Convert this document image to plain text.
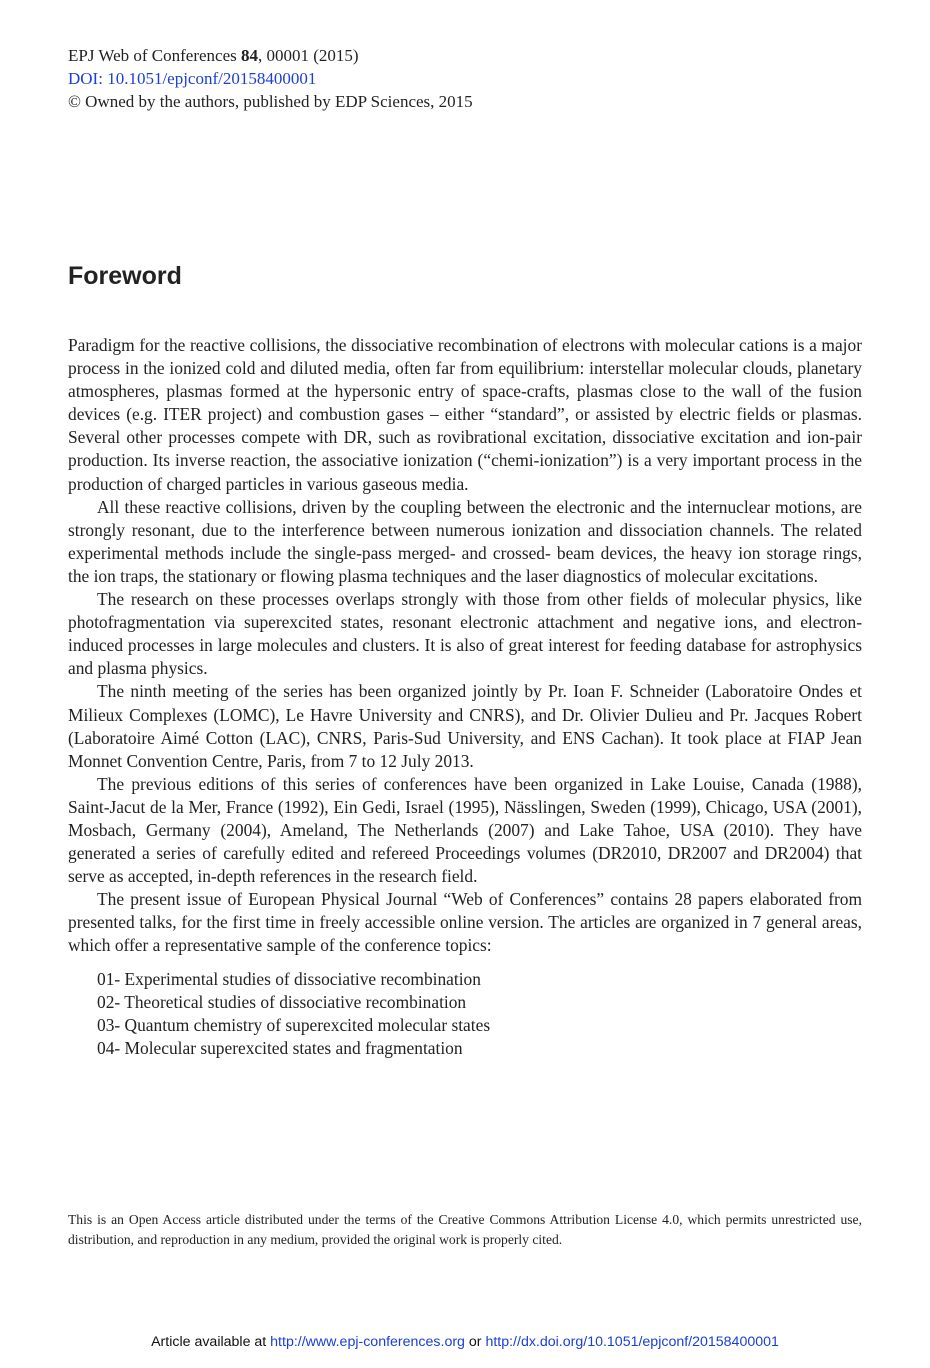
EPJ Web of Conferences 84, 00001 (2015)
DOI: 10.1051/epjconf/20158400001
© Owned by the authors, published by EDP Sciences, 2015
Foreword

Paradigm for the reactive collisions, the dissociative recombination of electrons with molecular cations is a major process in the ionized cold and diluted media, often far from equilibrium: interstellar molecular clouds, planetary atmospheres, plasmas formed at the hypersonic entry of space-crafts, plasmas close to the wall of the fusion devices (e.g. ITER project) and combustion gases – either “standard”, or assisted by electric fields or plasmas. Several other processes compete with DR, such as rovibrational excitation, dissociative excitation and ion-pair production. Its inverse reaction, the associative ionization (“chemi-ionization”) is a very important process in the production of charged particles in various gaseous media.

All these reactive collisions, driven by the coupling between the electronic and the internuclear motions, are strongly resonant, due to the interference between numerous ionization and dissociation channels. The related experimental methods include the single-pass merged- and crossed- beam devices, the heavy ion storage rings, the ion traps, the stationary or flowing plasma techniques and the laser diagnostics of molecular excitations.

The research on these processes overlaps strongly with those from other fields of molecular physics, like photofragmentation via superexcited states, resonant electronic attachment and negative ions, and electron-induced processes in large molecules and clusters. It is also of great interest for feeding database for astrophysics and plasma physics.

The ninth meeting of the series has been organized jointly by Pr. Ioan F. Schneider (Laboratoire Ondes et Milieux Complexes (LOMC), Le Havre University and CNRS), and Dr. Olivier Dulieu and Pr. Jacques Robert (Laboratoire Aimé Cotton (LAC), CNRS, Paris-Sud University, and ENS Cachan). It took place at FIAP Jean Monnet Convention Centre, Paris, from 7 to 12 July 2013.

The previous editions of this series of conferences have been organized in Lake Louise, Canada (1988), Saint-Jacut de la Mer, France (1992), Ein Gedi, Israel (1995), Nässlingen, Sweden (1999), Chicago, USA (2001), Mosbach, Germany (2004), Ameland, The Netherlands (2007) and Lake Tahoe, USA (2010). They have generated a series of carefully edited and refereed Proceedings volumes (DR2010, DR2007 and DR2004) that serve as accepted, in-depth references in the research field.

The present issue of European Physical Journal “Web of Conferences” contains 28 papers elaborated from presented talks, for the first time in freely accessible online version. The articles are organized in 7 general areas, which offer a representative sample of the conference topics:

01- Experimental studies of dissociative recombination
02- Theoretical studies of dissociative recombination
03- Quantum chemistry of superexcited molecular states
04- Molecular superexcited states and fragmentation
This is an Open Access article distributed under the terms of the Creative Commons Attribution License 4.0, which permits unrestricted use, distribution, and reproduction in any medium, provided the original work is properly cited.
Article available at http://www.epj-conferences.org or http://dx.doi.org/10.1051/epjconf/20158400001
